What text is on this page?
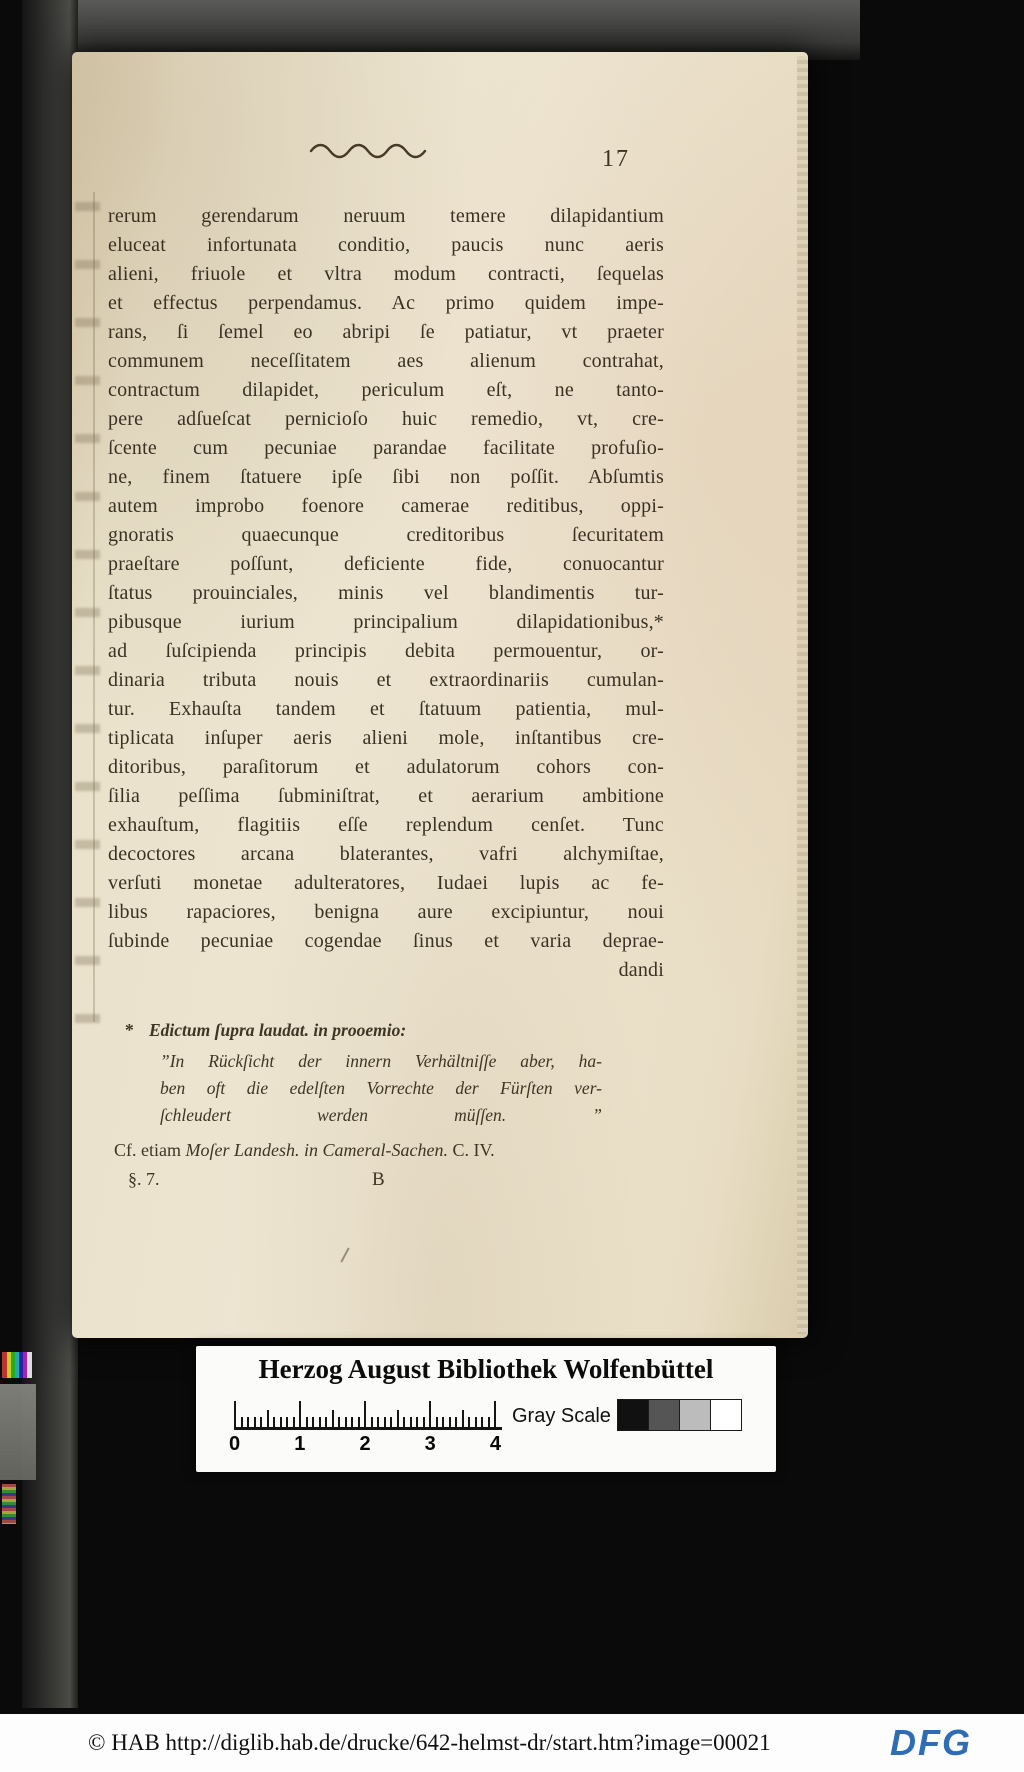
17
rerum gerendarum neruum temere dilapidantium
eluceat infortunata conditio, paucis nunc aeris
alieni, friuole et vltra modum contracti, ſequelas
et effectus perpendamus. Ac primo quidem impe-
rans, ſi ſemel eo abripi ſe patiatur, vt praeter
communem neceſſitatem aes alienum contrahat,
contractum dilapidet, periculum eſt, ne tanto-
pere adſueſcat pernicioſo huic remedio, vt, cre-
ſcente cum pecuniae parandae facilitate profuſio-
ne, finem ſtatuere ipſe ſibi non poſſit. Abſumtis
autem improbo foenore camerae reditibus, oppi-
gnoratis quaecunque creditoribus ſecuritatem
praeſtare poſſunt, deficiente fide, conuocantur
ſtatus prouinciales, minis vel blandimentis tur-
pibusque iurium principalium dilapidationibus,*
ad ſuſcipienda principis debita permouentur, or-
dinaria tributa nouis et extraordinariis cumulan-
tur. Exhauſta tandem et ſtatuum patientia, mul-
tiplicata inſuper aeris alieni mole, inſtantibus cre-
ditoribus, paraſitorum et adulatorum cohors con-
ſilia peſſima ſubminiſtrat, et aerarium ambitione
exhauſtum, flagitiis eſſe replendum cenſet. Tunc
decoctores arcana blaterantes, vafri alchymiſtae,
verſuti monetae adulteratores, Iudaei lupis ac fe-
libus rapaciores, benigna aure excipiuntur, noui
ſubinde pecuniae cogendae ſinus et varia deprae-
dandi
* Edictum ſupra laudat. in prooemio:
”In Rückſicht der innern Verhältniſſe aber, ha-
ben oft die edelſten Vorrechte der Fürſten ver-
ſchleudert werden müſſen. ”
Cf. etiam Moſer Landesh. in Cameral-Sachen. C. IV.
§. 7.	B
Herzog August Bibliothek Wolfenbüttel
0	1	2	3	4
Gray Scale
© HAB http://diglib.hab.de/drucke/642-helmst-dr/start.htm?image=00021	DFG
